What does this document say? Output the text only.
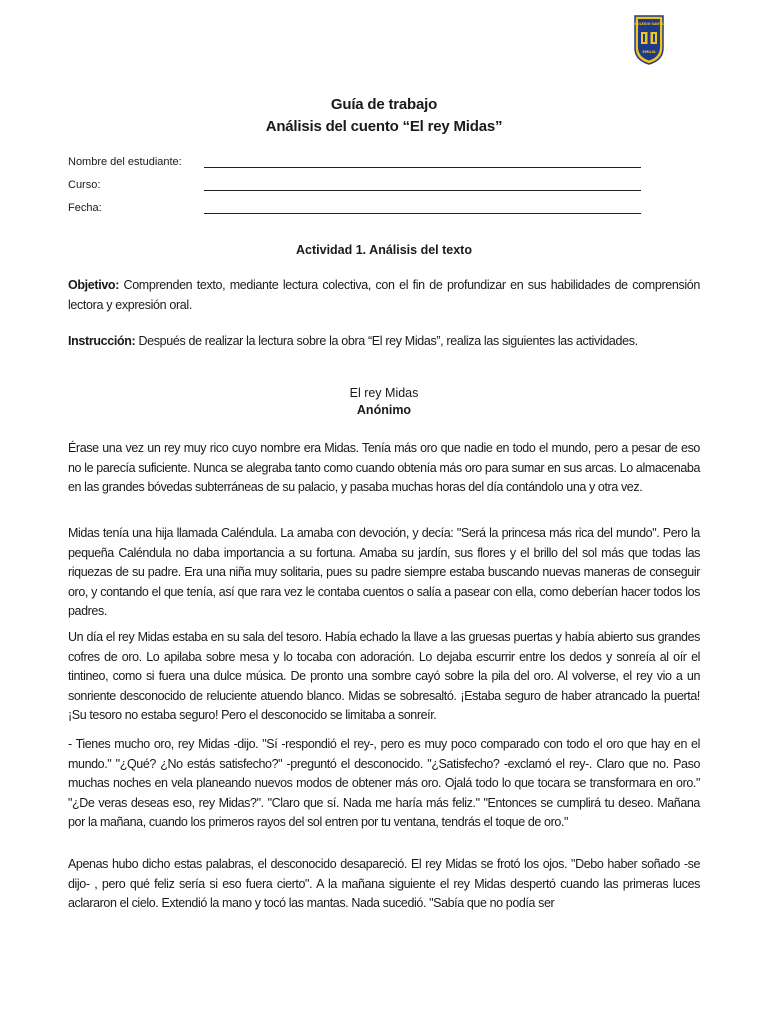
COLEGIO SANTA
EMILIA
Guía de trabajo
Análisis del cuento “El rey Midas”
Nombre del estudiante:
Curso:
Fecha:
Actividad 1. Análisis del texto

Objetivo: Comprenden texto, mediante lectura colectiva, con el fin de profundizar en sus habilidades de comprensión lectora y expresión oral.

Instrucción: Después de realizar la lectura sobre la obra “El rey Midas”, realiza las siguientes las actividades.

El rey Midas
Anónimo

Érase una vez un rey muy rico cuyo nombre era Midas. Tenía más oro que nadie en todo el mundo, pero a pesar de eso no le parecía suficiente. Nunca se alegraba tanto como cuando obtenía más oro para sumar en sus arcas. Lo almacenaba en las grandes bóvedas subterráneas de su palacio, y pasaba muchas horas del día contándolo una y otra vez.

Midas tenía una hija llamada Caléndula. La amaba con devoción, y decía: "Será la princesa más rica del mundo". Pero la pequeña Caléndula no daba importancia a su fortuna. Amaba su jardín, sus flores y el brillo del sol más que todas las riquezas de su padre. Era una niña muy solitaria, pues su padre siempre estaba buscando nuevas maneras de conseguir oro, y contando el que tenía, así que rara vez le contaba cuentos o salía a pasear con ella, como deberían hacer todos los padres.

Un día el rey Midas estaba en su sala del tesoro. Había echado la llave a las gruesas puertas y había abierto sus grandes cofres de oro. Lo apilaba sobre mesa y lo tocaba con adoración. Lo dejaba escurrir entre los dedos y sonreía al oír el tintineo, como si fuera una dulce música. De pronto una sombre cayó sobre la pila del oro. Al volverse, el rey vio a un sonriente desconocido de reluciente atuendo blanco. Midas se sobresaltó. ¡Estaba seguro de haber atrancado la puerta! ¡Su tesoro no estaba seguro! Pero el desconocido se limitaba a sonreír.

- Tienes mucho oro, rey Midas -dijo. "Sí -respondió el rey-, pero es muy poco comparado con todo el oro que hay en el mundo." "¿Qué? ¿No estás satisfecho?" -preguntó el desconocido. "¿Satisfecho? -exclamó el rey-. Claro que no. Paso muchas noches en vela planeando nuevos modos de obtener más oro. Ojalá todo lo que tocara se transformara en oro." "¿De veras deseas eso, rey Midas?". "Claro que sí. Nada me haría más feliz." "Entonces se cumplirá tu deseo. Mañana por la mañana, cuando los primeros rayos del sol entren por tu ventana, tendrás el toque de oro."

Apenas hubo dicho estas palabras, el desconocido desapareció. El rey Midas se frotó los ojos. "Debo haber soñado -se dijo- , pero qué feliz sería si eso fuera cierto". A la mañana siguiente el rey Midas despertó cuando las primeras luces aclararon el cielo. Extendió la mano y tocó las mantas. Nada sucedió. "Sabía que no podía ser
